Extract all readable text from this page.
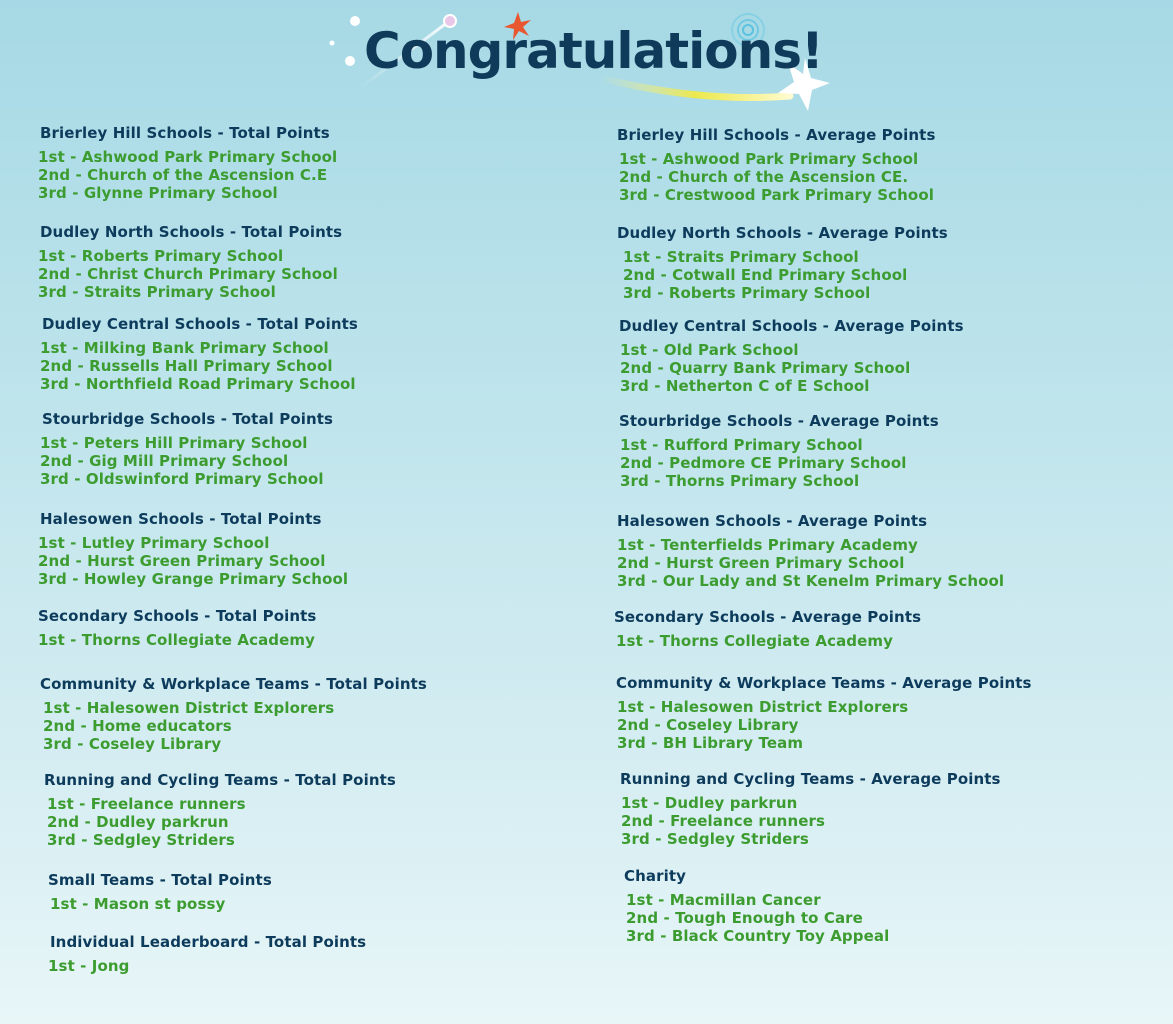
Congratulations!
Brierley Hill Schools - Total Points
1st - Ashwood Park Primary School
2nd - Church of the Ascension C.E
3rd - Glynne Primary School
Dudley North Schools - Total Points
1st - Roberts Primary School
2nd - Christ Church Primary School
3rd - Straits Primary School
Dudley Central Schools - Total Points
1st - Milking Bank Primary School
2nd - Russells Hall Primary School
3rd - Northfield Road Primary School
Stourbridge Schools - Total Points
1st - Peters Hill Primary School
2nd - Gig Mill Primary School
3rd - Oldswinford Primary School
Halesowen Schools - Total Points
1st - Lutley Primary School
2nd - Hurst Green Primary School
3rd - Howley Grange Primary School
Secondary Schools - Total Points
1st - Thorns Collegiate Academy
Community & Workplace Teams - Total Points
1st - Halesowen District Explorers
2nd - Home educators
3rd - Coseley Library
Running and Cycling Teams - Total Points
1st - Freelance runners
2nd - Dudley parkrun
3rd - Sedgley Striders
Small Teams - Total Points
1st - Mason st possy
Individual Leaderboard - Total Points
1st - Jong
Brierley Hill Schools - Average Points
1st - Ashwood Park Primary School
2nd - Church of the Ascension CE.
3rd - Crestwood Park Primary School
Dudley North Schools - Average Points
1st - Straits Primary School
2nd - Cotwall End Primary School
3rd - Roberts Primary School
Dudley Central Schools - Average Points
1st - Old Park School
2nd - Quarry Bank Primary School
3rd - Netherton C of E School
Stourbridge Schools - Average Points
1st - Rufford Primary School
2nd - Pedmore CE Primary School
3rd - Thorns Primary School
Halesowen Schools - Average Points
1st - Tenterfields Primary Academy
2nd - Hurst Green Primary School
3rd - Our Lady and St Kenelm Primary School
Secondary Schools - Average Points
1st - Thorns Collegiate Academy
Community & Workplace Teams - Average Points
1st - Halesowen District Explorers
2nd - Coseley Library
3rd - BH Library Team
Running and Cycling Teams - Average Points
1st - Dudley parkrun
2nd - Freelance runners
3rd - Sedgley Striders
Charity
1st - Macmillan Cancer
2nd - Tough Enough to Care
3rd - Black Country Toy Appeal
